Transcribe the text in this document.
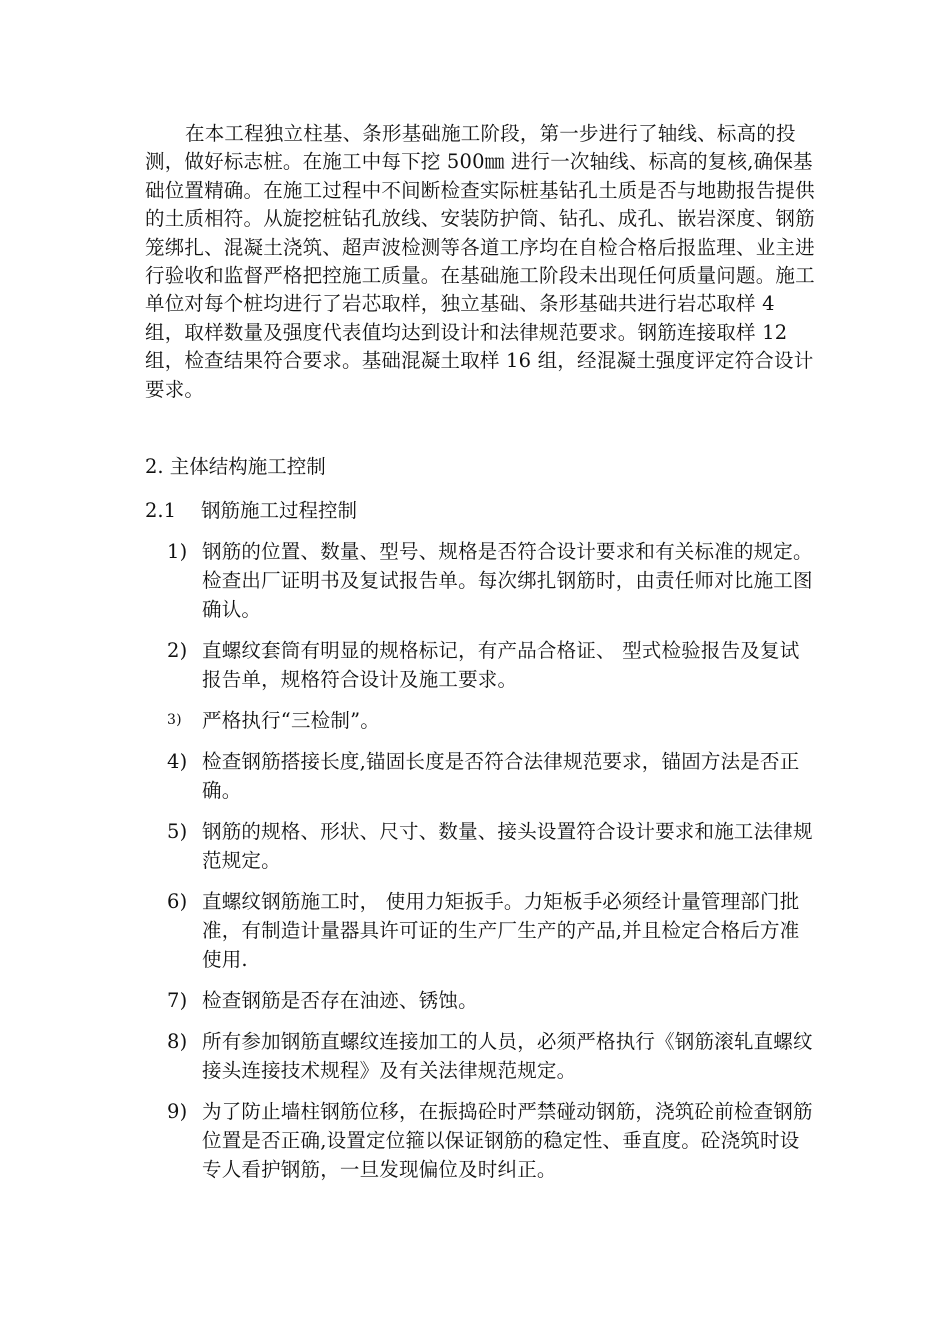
在本工程独立柱基、条形基础施工阶段，第一步进行了轴线、标高的投测，做好标志桩。在施工中每下挖 500㎜ 进行一次轴线、标高的复核,确保基础位置精确。在施工过程中不间断检查实际桩基钻孔土质是否与地勘报告提供的土质相符。从旋挖桩钻孔放线、安装防护筒、钻孔、成孔、嵌岩深度、钢筋笼绑扎、混凝土浇筑、超声波检测等各道工序均在自检合格后报监理、业主进行验收和监督严格把控施工质量。在基础施工阶段未出现任何质量问题。施工单位对每个桩均进行了岩芯取样，独立基础、条形基础共进行岩芯取样 4 组，取样数量及强度代表值均达到设计和法律规范要求。钢筋连接取样 12 组，检查结果符合要求。基础混凝土取样 16 组，经混凝土强度评定符合设计要求。

2. 主体结构施工控制
2.1 钢筋施工过程控制
1) 钢筋的位置、数量、型号、规格是否符合设计要求和有关标准的规定。检查出厂证明书及复试报告单。每次绑扎钢筋时，由责任师对比施工图确认。
2) 直螺纹套筒有明显的规格标记，有产品合格证、 型式检验报告及复试报告单，规格符合设计及施工要求。
3) 严格执行“三检制”。
4) 检查钢筋搭接长度,锚固长度是否符合法律规范要求，锚固方法是否正确。
5) 钢筋的规格、形状、尺寸、数量、接头设置符合设计要求和施工法律规范规定。
6) 直螺纹钢筋施工时， 使用力矩扳手。力矩板手必须经计量管理部门批准，有制造计量器具许可证的生产厂生产的产品,并且检定合格后方准使用.
7) 检查钢筋是否存在油迹、锈蚀。
8) 所有参加钢筋直螺纹连接加工的人员，必须严格执行《钢筋滚轧直螺纹接头连接技术规程》及有关法律规范规定。
9) 为了防止墙柱钢筋位移，在振捣砼时严禁碰动钢筋，浇筑砼前检查钢筋位置是否正确,设置定位箍以保证钢筋的稳定性、垂直度。砼浇筑时设专人看护钢筋，一旦发现偏位及时纠正。
